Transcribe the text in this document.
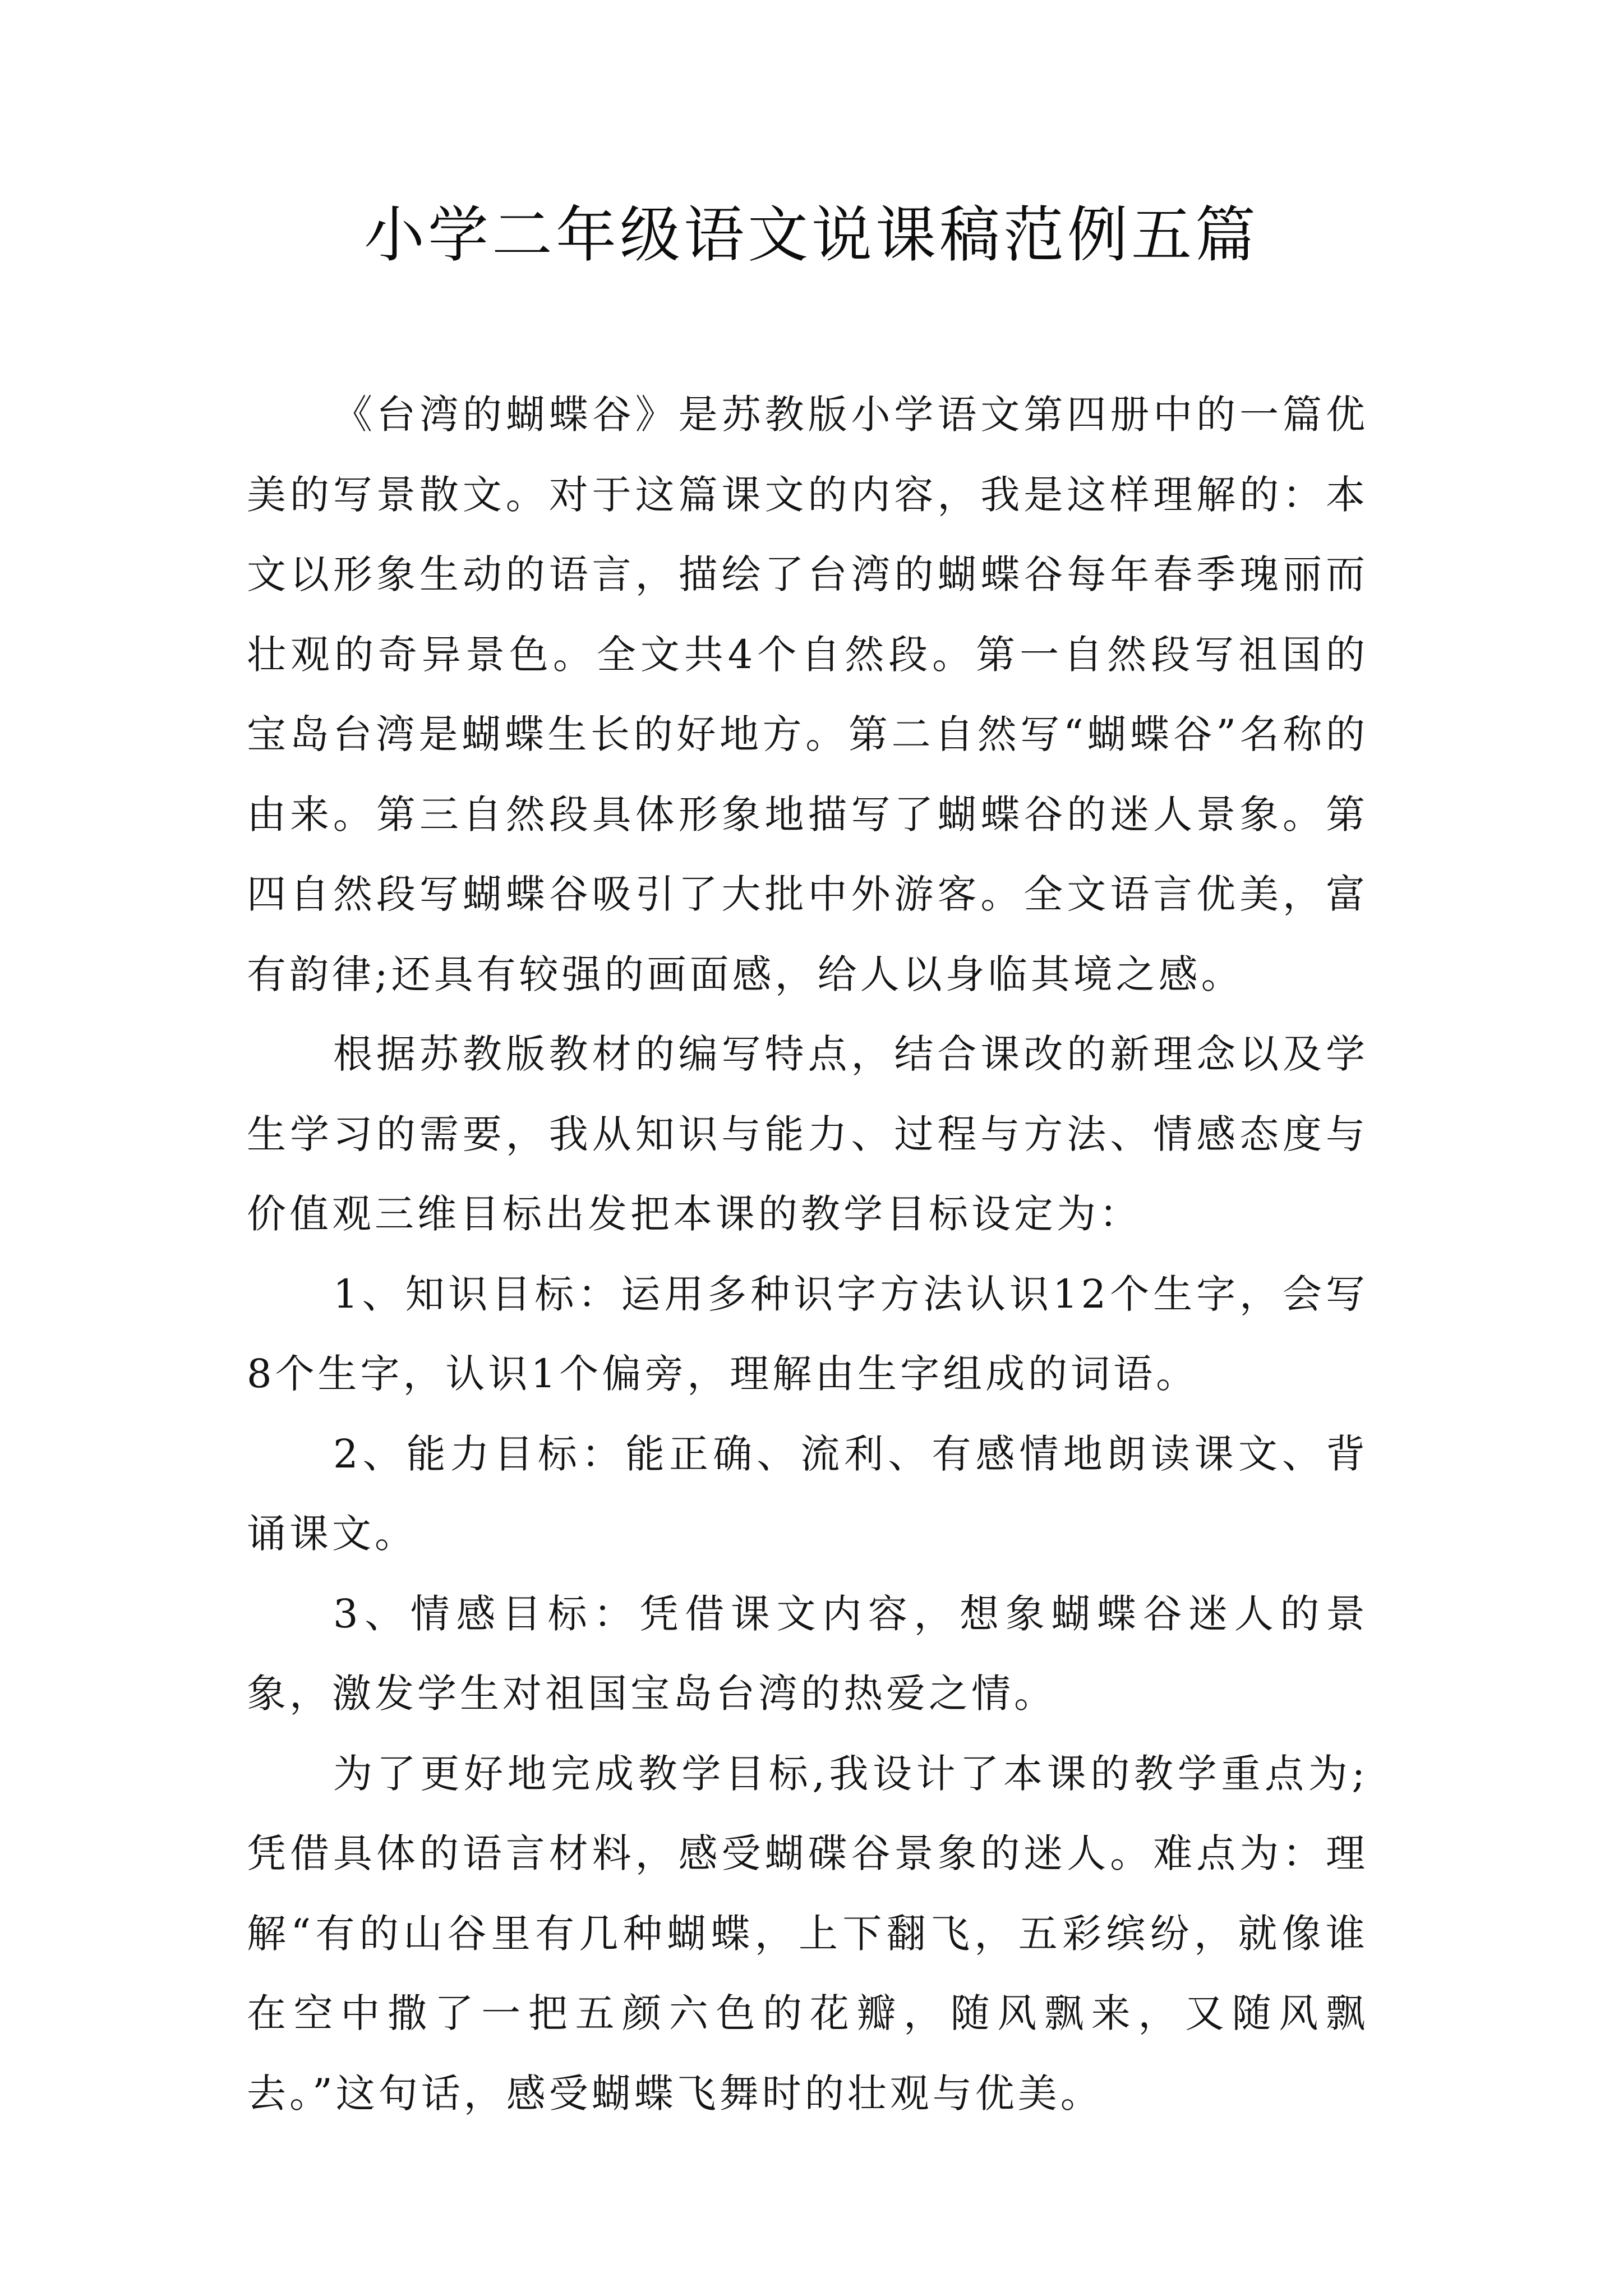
小学二年级语文说课稿范例五篇

《台湾的蝴蝶谷》是苏教版小学语文第四册中的一篇优美的写景散文。对于这篇课文的内容，我是这样理解的：本文以形象生动的语言，描绘了台湾的蝴蝶谷每年春季瑰丽而壮观的奇异景色。全文共4个自然段。第一自然段写祖国的宝岛台湾是蝴蝶生长的好地方。第二自然写“蝴蝶谷”名称的由来。第三自然段具体形象地描写了蝴蝶谷的迷人景象。第四自然段写蝴蝶谷吸引了大批中外游客。全文语言优美，富有韵律;还具有较强的画面感，给人以身临其境之感。

根据苏教版教材的编写特点，结合课改的新理念以及学生学习的需要，我从知识与能力、过程与方法、情感态度与价值观三维目标出发把本课的教学目标设定为：

1、知识目标：运用多种识字方法认识12个生字，会写8个生字，认识1个偏旁，理解由生字组成的词语。

2、能力目标：能正确、流利、有感情地朗读课文、背诵课文。

3、情感目标：凭借课文内容，想象蝴蝶谷迷人的景象，激发学生对祖国宝岛台湾的热爱之情。

为了更好地完成教学目标,我设计了本课的教学重点为;凭借具体的语言材料，感受蝴碟谷景象的迷人。难点为：理解“有的山谷里有几种蝴蝶，上下翻飞，五彩缤纷，就像谁在空中撒了一把五颜六色的花瓣，随风飘来，又随风飘去。”这句话，感受蝴蝶飞舞时的壮观与优美。
